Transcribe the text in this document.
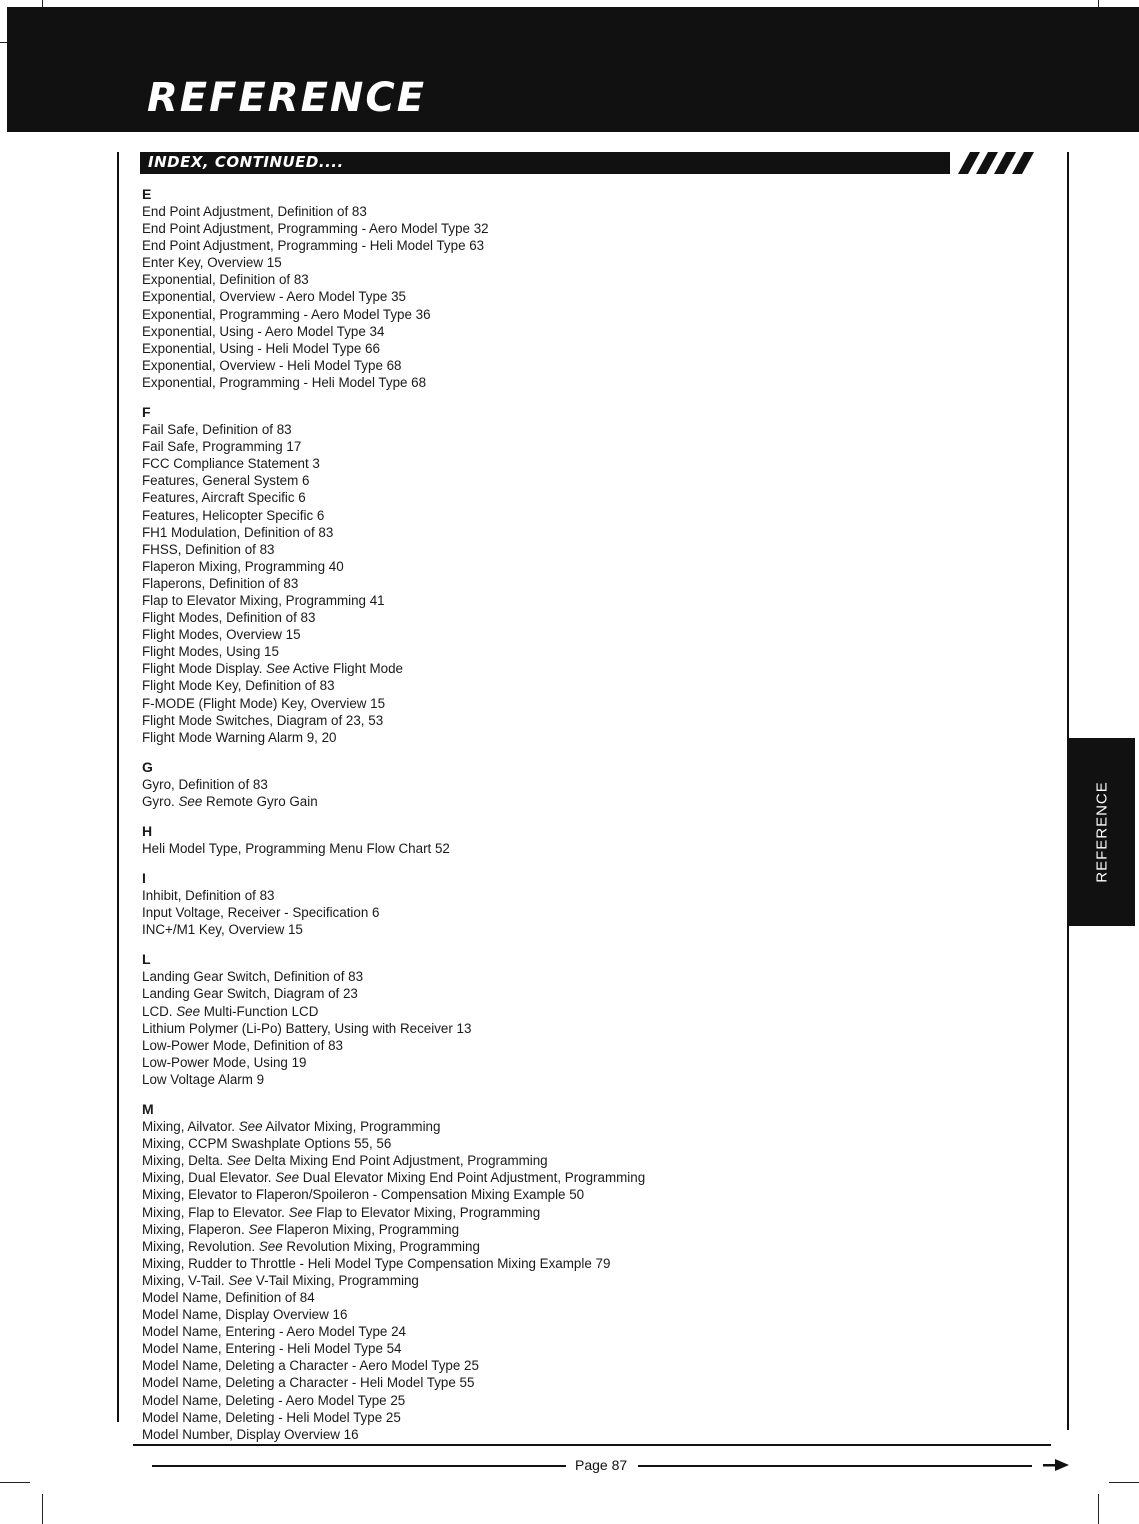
REFERENCE
INDEX, CONTINUED....
REFERENCE
E
End Point Adjustment, Definition of 83
End Point Adjustment, Programming - Aero Model Type 32
End Point Adjustment, Programming - Heli Model Type 63
Enter Key, Overview 15
Exponential, Definition of 83
Exponential, Overview - Aero Model Type 35
Exponential, Programming - Aero Model Type 36
Exponential, Using - Aero Model Type 34
Exponential, Using - Heli Model Type 66
Exponential, Overview - Heli Model Type 68
Exponential, Programming - Heli Model Type 68
F
Fail Safe, Definition of 83
Fail Safe, Programming 17
FCC Compliance Statement 3
Features, General System 6
Features, Aircraft Specific 6
Features, Helicopter Specific 6
FH1 Modulation, Definition of 83
FHSS, Definition of 83
Flaperon Mixing, Programming 40
Flaperons, Definition of 83
Flap to Elevator Mixing, Programming 41
Flight Modes, Definition of 83
Flight Modes, Overview 15
Flight Modes, Using 15
Flight Mode Display. See Active Flight Mode
Flight Mode Key, Definition of 83
F-MODE (Flight Mode) Key, Overview 15
Flight Mode Switches, Diagram of 23, 53
Flight Mode Warning Alarm 9, 20
G
Gyro, Definition of 83
Gyro. See Remote Gyro Gain
H
Heli Model Type, Programming Menu Flow Chart 52
I
Inhibit, Definition of 83
Input Voltage, Receiver - Specification 6
INC+/M1 Key, Overview 15
L
Landing Gear Switch, Definition of 83
Landing Gear Switch, Diagram of 23
LCD. See Multi-Function LCD
Lithium Polymer (Li-Po) Battery, Using with Receiver 13
Low-Power Mode, Definition of 83
Low-Power Mode, Using 19
Low Voltage Alarm 9
M
Mixing, Ailvator. See Ailvator Mixing, Programming
Mixing, CCPM Swashplate Options 55, 56
Mixing, Delta. See Delta Mixing End Point Adjustment, Programming
Mixing, Dual Elevator. See Dual Elevator Mixing End Point Adjustment, Programming
Mixing, Elevator to Flaperon/Spoileron - Compensation Mixing Example 50
Mixing, Flap to Elevator. See Flap to Elevator Mixing, Programming
Mixing, Flaperon. See Flaperon Mixing, Programming
Mixing, Revolution. See Revolution Mixing, Programming
Mixing, Rudder to Throttle - Heli Model Type Compensation Mixing Example 79
Mixing, V-Tail. See V-Tail Mixing, Programming
Model Name, Definition of 84
Model Name, Display Overview 16
Model Name, Entering - Aero Model Type 24
Model Name, Entering - Heli Model Type 54
Model Name, Deleting a Character - Aero Model Type 25
Model Name, Deleting a Character - Heli Model Type 55
Model Name, Deleting - Aero Model Type 25
Model Name, Deleting - Heli Model Type 25
Model Number, Display Overview 16
Page 87
